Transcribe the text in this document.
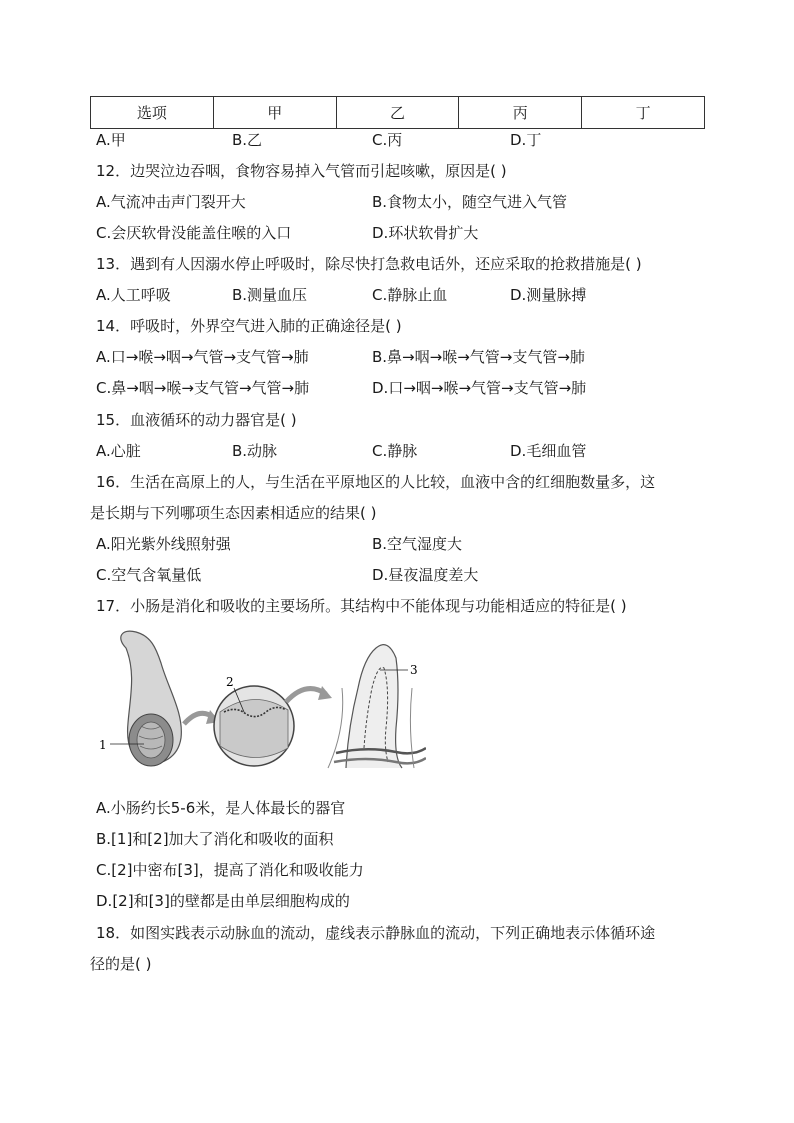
选项	甲	乙	丙	丁
A.甲	B.乙	C.丙	D.丁
12．边哭泣边吞咽，食物容易掉入气管而引起咳嗽，原因是( )
A.气流冲击声门裂开大	B.食物太小，随空气进入气管
C.会厌软骨没能盖住喉的入口	D.环状软骨扩大
13．遇到有人因溺水停止呼吸时，除尽快打急救电话外，还应采取的抢救措施是( )
A.人工呼吸	B.测量血压	C.静脉止血	D.测量脉搏
14．呼吸时，外界空气进入肺的正确途径是( )
A.口→喉→咽→气管→支气管→肺	B.鼻→咽→喉→气管→支气管→肺
C.鼻→咽→喉→支气管→气管→肺	D.口→咽→喉→气管→支气管→肺
15．血液循环的动力器官是( )
A.心脏	B.动脉	C.静脉	D.毛细血管
16．生活在高原上的人，与生活在平原地区的人比较，血液中含的红细胞数量多，这
是长期与下列哪项生态因素相适应的结果( )
A.阳光紫外线照射强	B.空气湿度大
C.空气含氧量低	D.昼夜温度差大
17．小肠是消化和吸收的主要场所。其结构中不能体现与功能相适应的特征是( )
1
2
3
A.小肠约长5-6米，是人体最长的器官
B.[1]和[2]加大了消化和吸收的面积
C.[2]中密布[3]，提高了消化和吸收能力
D.[2]和[3]的壁都是由单层细胞构成的
18．如图实践表示动脉血的流动，虚线表示静脉血的流动，下列正确地表示体循环途
径的是( )
